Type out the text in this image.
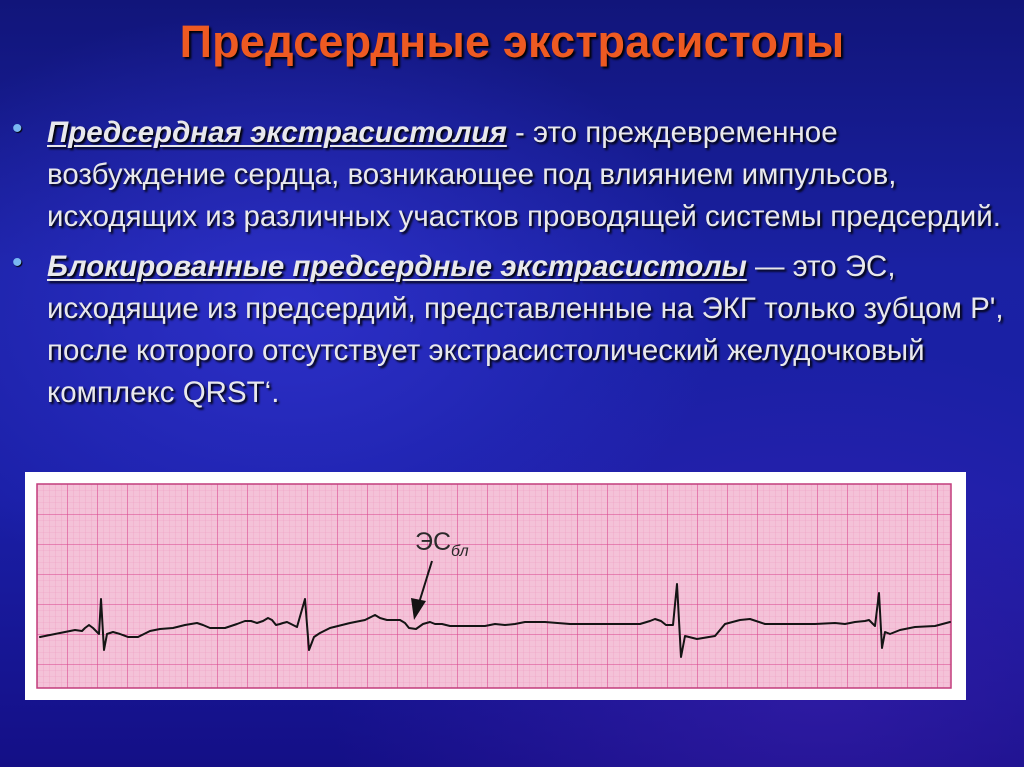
Предсердные экстрасистолы
• Предсердная экстрасистолия - это преждевременное возбуждение сердца, возникающее под влиянием импульсов, исходящих из различных участков проводящей системы предсердий.
• Блокированные предсердные экстрасистолы — это ЭС, исходящие из предсердий, представленные на ЭКГ только зубцом P', после которого отсутствует экстрасистолический желудочковый комплекс QRST‘.
$ЭС_{бл}$
